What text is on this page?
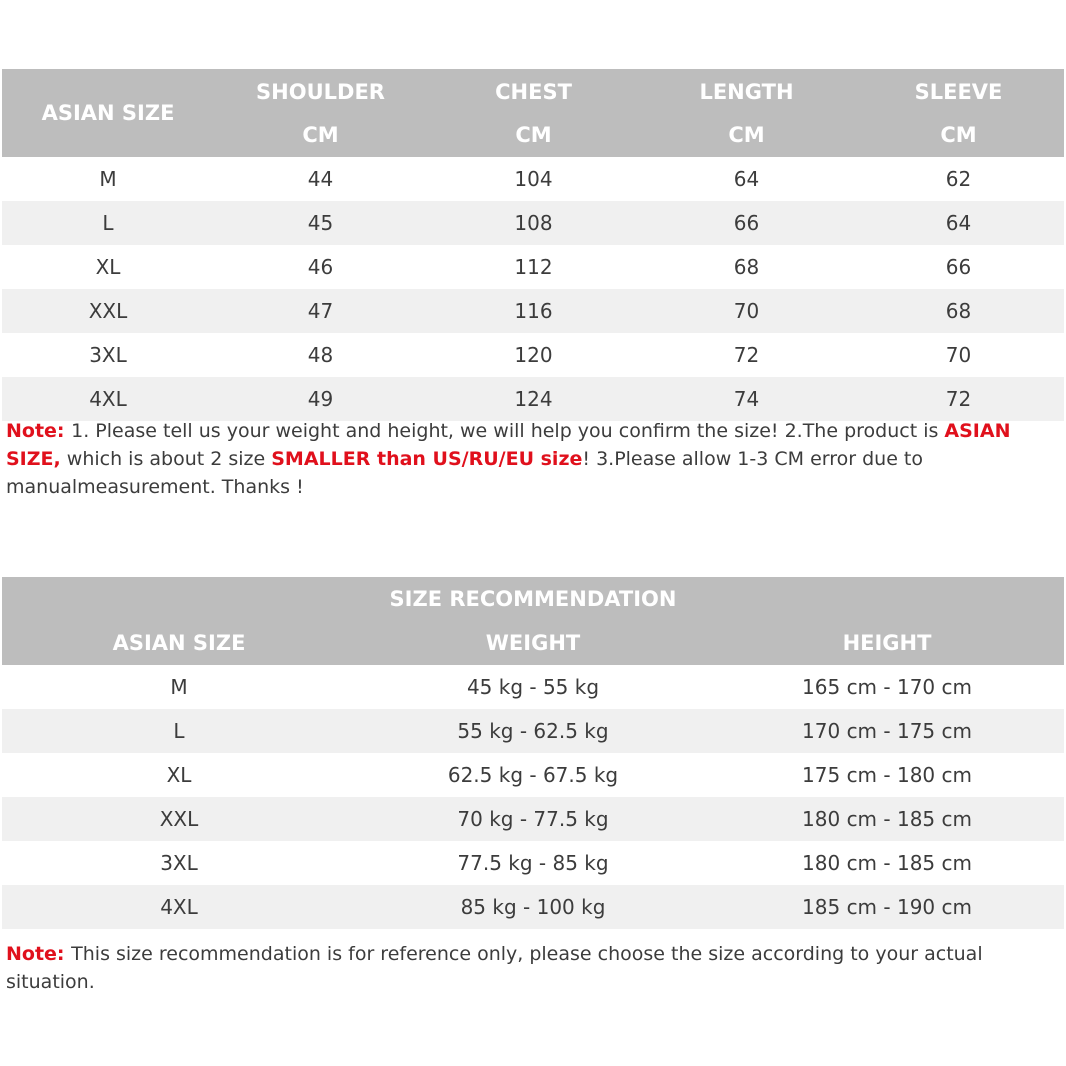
ASIAN SIZE	SHOULDER	CHEST	LENGTH	SLEEVE
	CM	CM	CM	CM
M	44	104	64	62
L	45	108	66	64
XL	46	112	68	66
XXL	47	116	70	68
3XL	48	120	72	70
4XL	49	124	74	72

Note: 1. Please tell us your weight and height, we will help you confirm the size! 2.The product is ASIAN SIZE, which is about 2 size SMALLER than US/RU/EU size! 3.Please allow 1-3 CM error due to manualmeasurement. Thanks !

SIZE RECOMMENDATION		
ASIAN SIZE	WEIGHT	HEIGHT
M	45 kg - 55 kg	165 cm - 170 cm
L	55 kg - 62.5 kg	170 cm - 175 cm
XL	62.5 kg - 67.5 kg	175 cm - 180 cm
XXL	70 kg - 77.5 kg	180 cm - 185 cm
3XL	77.5 kg - 85 kg	180 cm - 185 cm
4XL	85 kg - 100 kg	185 cm - 190 cm

Note: This size recommendation is for reference only, please choose the size according to your actual situation.
